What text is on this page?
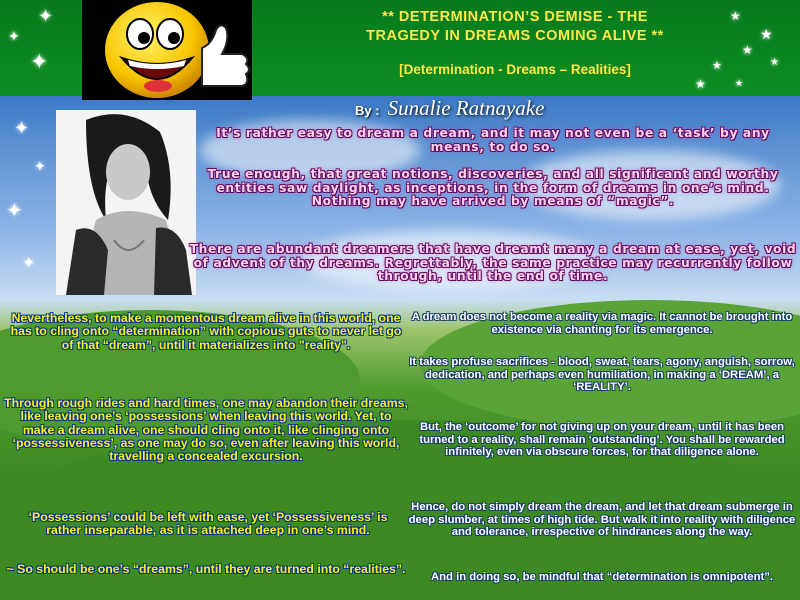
✦
✦
✦
✦
✦
✦
✦
★
★
★
★	★
★	★
** DETERMINATION’S DEMISE - THE
TRAGEDY IN DREAMS COMING ALIVE **
[Determination - Dreams – Realities]
By : Sunalie Ratnayake

It’s rather easy to dream a dream, and it may not even be a ‘task’ by any means, to do so.

True enough, that great notions, discoveries, and all significant and worthy entities saw daylight, as inceptions, in the form of dreams in one’s mind. Nothing may have arrived by means of “magic”.

There are abundant dreamers that have dreamt many a dream at ease, yet, void of advent of thy dreams. Regrettably, the same practice may recurrently follow through, until the end of time.

Nevertheless, to make a momentous dream alive in this world, one has to cling onto “determination” with copious guts to never let go of that “dream”, until it materializes into "reality".

Through rough rides and hard times, one may abandon their dreams, like leaving one’s ‘possessions’ when leaving this world. Yet, to make a dream alive, one should cling onto it, like clinging onto ‘possessiveness’, as one may do so, even after leaving this world, travelling a concealed excursion.

‘Possessions’ could be left with ease, yet ‘Possessiveness’ is rather inseparable, as it is attached deep in one’s mind.

~ So should be one’s “dreams”, until they are turned into “realities”.

A dream does not become a reality via magic. It cannot be brought into existence via chanting for its emergence.

It takes profuse sacrifices - blood, sweat, tears, agony, anguish, sorrow, dedication, and perhaps even humiliation, in making a ‘DREAM’, a ‘REALITY’.

But, the ‘outcome’ for not giving up on your dream, until it has been turned to a reality, shall remain ‘outstanding’. You shall be rewarded infinitely, even via obscure forces, for that diligence alone.

Hence, do not simply dream the dream, and let that dream submerge in deep slumber, at times of high tide. But walk it into reality with diligence and tolerance, irrespective of hindrances along the way.

And in doing so, be mindful that “determination is omnipotent”.
